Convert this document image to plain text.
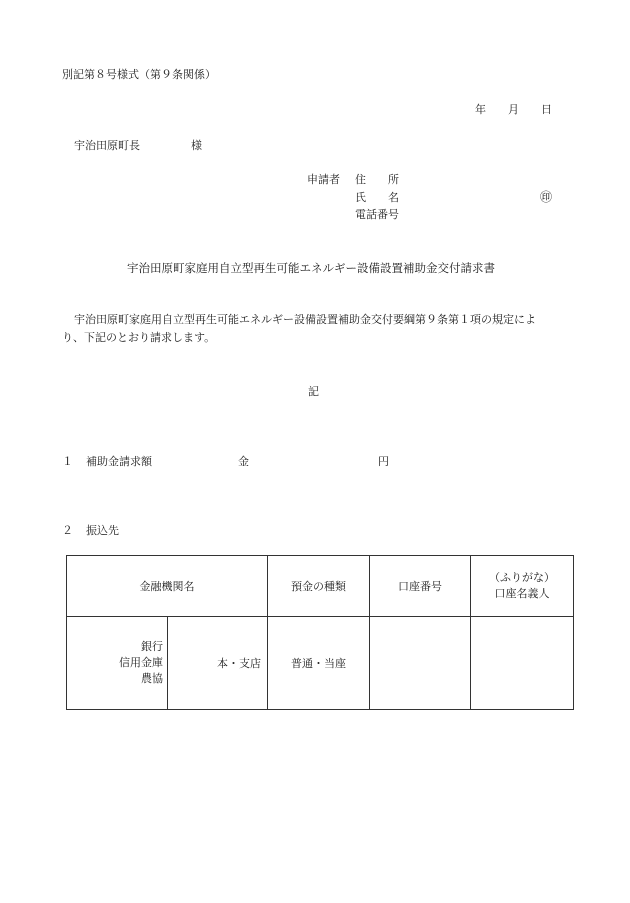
別記第８号様式（第９条関係）
年 月 日
宇治田原町長	様
申請者 住　　所
氏　　名	㊞
電話番号
宇治田原町家庭用自立型再生可能エネルギー設備設置補助金交付請求書
宇治田原町家庭用自立型再生可能エネルギー設備設置補助金交付要綱第９条第１項の規定によ
り、下記のとおり請求します。
記
１ 補助金請求額	金	円
２ 振込先
金融機関名		預金の種類	口座番号	（ふりがな）
口座名義人

銀行
信用金庫
農協	本・支店	普通・当座		
